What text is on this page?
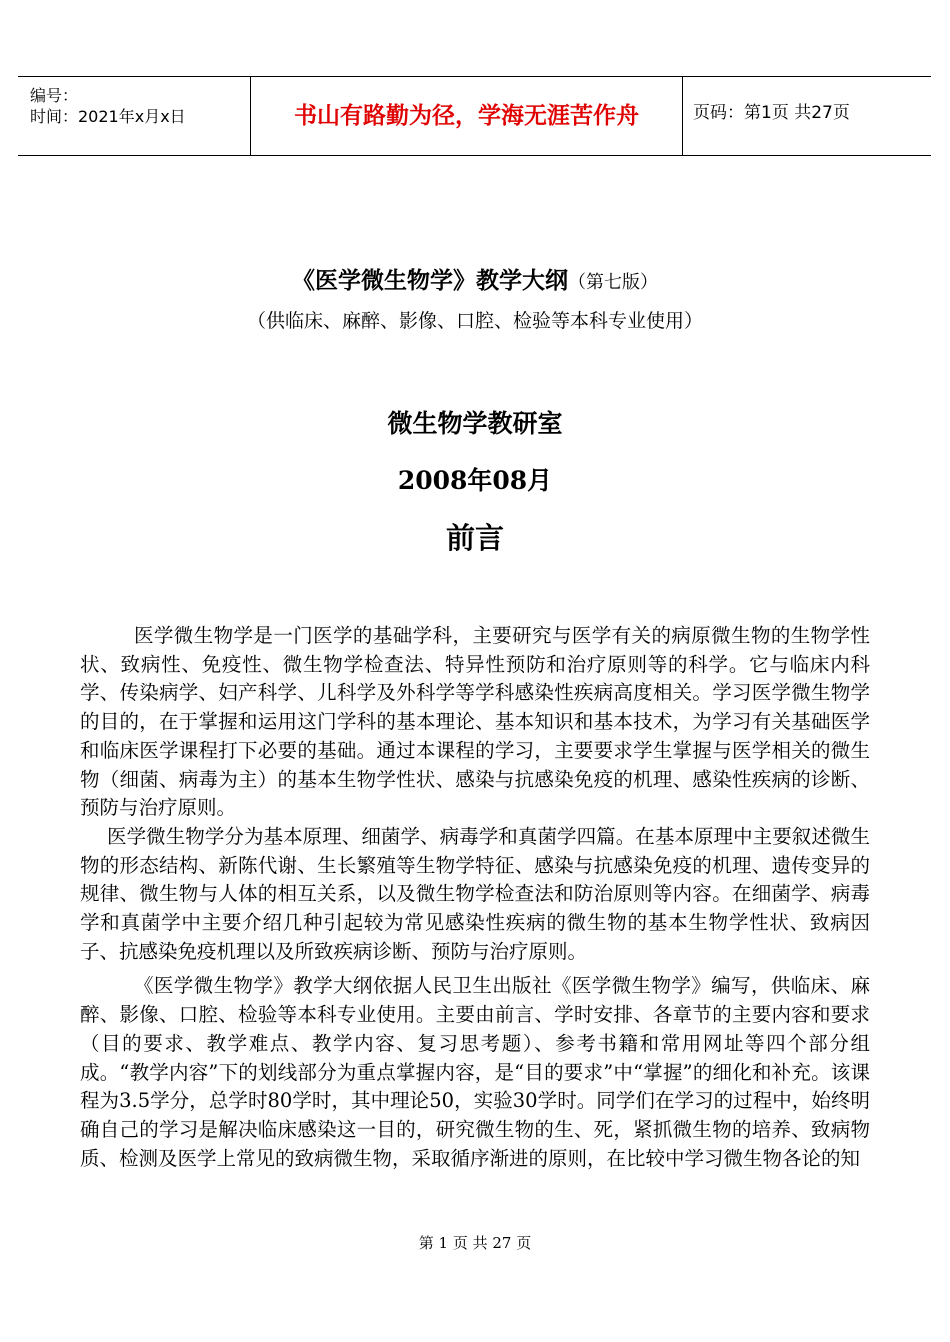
编号：
时间：2021年x月x日	书山有路勤为径，学海无涯苦作舟	页码：第1页 共27页
《医学微生物学》教学大纲（第七版）
（供临床、麻醉、影像、口腔、检验等本科专业使用）
微生物学教研室
2008年08月
前言

医学微生物学是一门医学的基础学科，主要研究与医学有关的病原微生物的生物学性状、致病性、免疫性、微生物学检查法、特异性预防和治疗原则等的科学。它与临床内科学、传染病学、妇产科学、儿科学及外科学等学科感染性疾病高度相关。学习医学微生物学的目的，在于掌握和运用这门学科的基本理论、基本知识和基本技术，为学习有关基础医学和临床医学课程打下必要的基础。通过本课程的学习，主要要求学生掌握与医学相关的微生物（细菌、病毒为主）的基本生物学性状、感染与抗感染免疫的机理、感染性疾病的诊断、预防与治疗原则。

医学微生物学分为基本原理、细菌学、病毒学和真菌学四篇。在基本原理中主要叙述微生物的形态结构、新陈代谢、生长繁殖等生物学特征、感染与抗感染免疫的机理、遗传变异的规律、微生物与人体的相互关系，以及微生物学检查法和防治原则等内容。在细菌学、病毒学和真菌学中主要介绍几种引起较为常见感染性疾病的微生物的基本生物学性状、致病因子、抗感染免疫机理以及所致疾病诊断、预防与治疗原则。

《医学微生物学》教学大纲依据人民卫生出版社《医学微生物学》编写，供临床、麻醉、影像、口腔、检验等本科专业使用。主要由前言、学时安排、各章节的主要内容和要求（目的要求、教学难点、教学内容、复习思考题）、参考书籍和常用网址等四个部分组成。“教学内容”下的划线部分为重点掌握内容，是“目的要求”中“掌握”的细化和补充。该课程为3.5学分，总学时80学时，其中理论50，实验30学时。同学们在学习的过程中，始终明确自己的学习是解决临床感染这一目的，研究微生物的生、死，紧抓微生物的培养、致病物质、检测及医学上常见的致病微生物，采取循序渐进的原则，在比较中学习微生物各论的知

第 1 页 共 27 页
